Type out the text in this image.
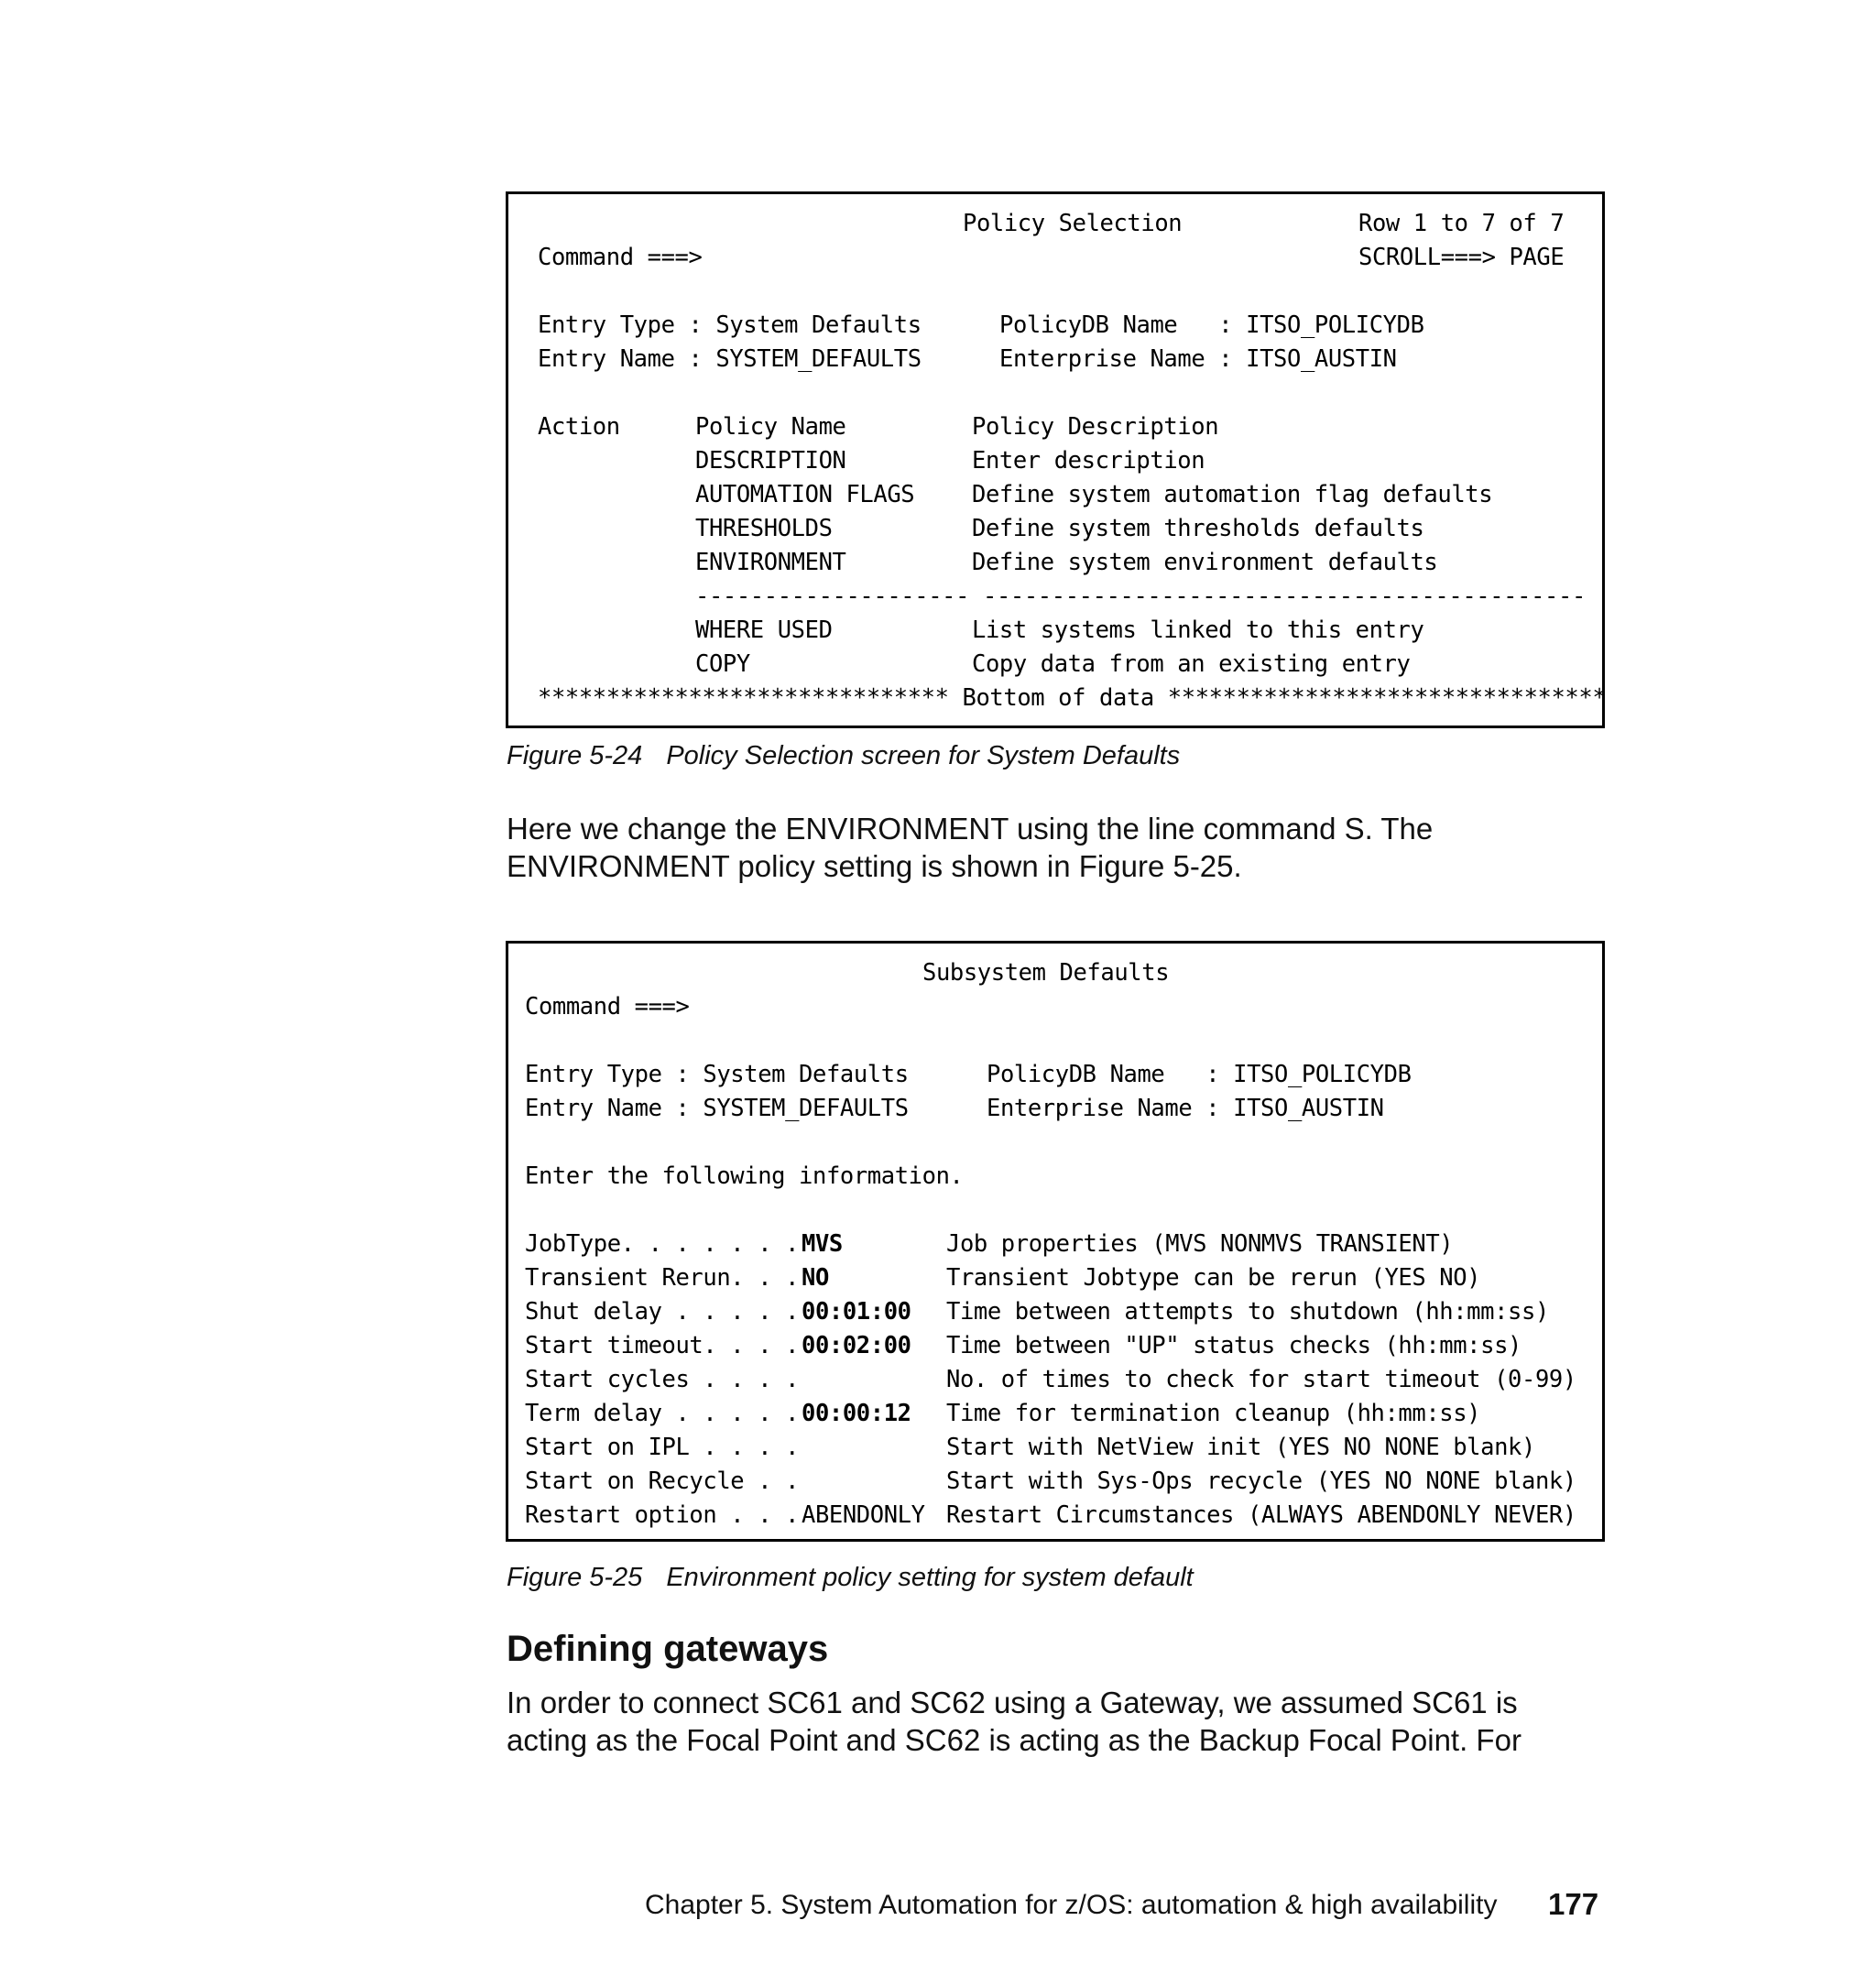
Policy Selection	Row 1 to 7 of 7
Command ===>	SCROLL===> PAGE
Entry Type : System Defaults	PolicyDB Name   : ITSO_POLICYDB
Entry Name : SYSTEM_DEFAULTS	Enterprise Name : ITSO_AUSTIN
Action	Policy Name	Policy Description
DESCRIPTION	Enter description
AUTOMATION FLAGS Define system automation flag defaults
THRESHOLDS	Define system thresholds defaults
ENVIRONMENT	Define system environment defaults
-------------------- --------------------------------------------
WHERE USED	List systems linked to this entry
COPY	Copy data from an existing entry
****************************** Bottom of data ********************************
Figure 5-24 Policy Selection screen for System Defaults
Here we change the ENVIRONMENT using the line command S. The ENVIRONMENT policy setting is shown in Figure 5-25.
Subsystem Defaults
Command ===>
Entry Type : System Defaults	PolicyDB Name   : ITSO_POLICYDB
Entry Name : SYSTEM_DEFAULTS	Enterprise Name : ITSO_AUSTIN
Enter the following information.
JobType. . . . . . . MVS	Job properties (MVS NONMVS TRANSIENT)
Transient Rerun. . . NO	Transient Jobtype can be rerun (YES NO)
Shut delay . . . . . 00:01:00 Time between attempts to shutdown (hh:mm:ss)
Start timeout. . . . 00:02:00 Time between "UP" status checks (hh:mm:ss)
Start cycles . . . .	No. of times to check for start timeout (0-99)
Term delay . . . . . 00:00:12 Time for termination cleanup (hh:mm:ss)
Start on IPL . . . .	Start with NetView init (YES NO NONE blank)
Start on Recycle . .	Start with Sys-Ops recycle (YES NO NONE blank)
Restart option . . . ABENDONLY Restart Circumstances (ALWAYS ABENDONLY NEVER)
Figure 5-25 Environment policy setting for system default
Defining gateways
In order to connect SC61 and SC62 using a Gateway, we assumed SC61 is acting as the Focal Point and SC62 is acting as the Backup Focal Point. For
Chapter 5. System Automation for z/OS: automation & high availability 177
